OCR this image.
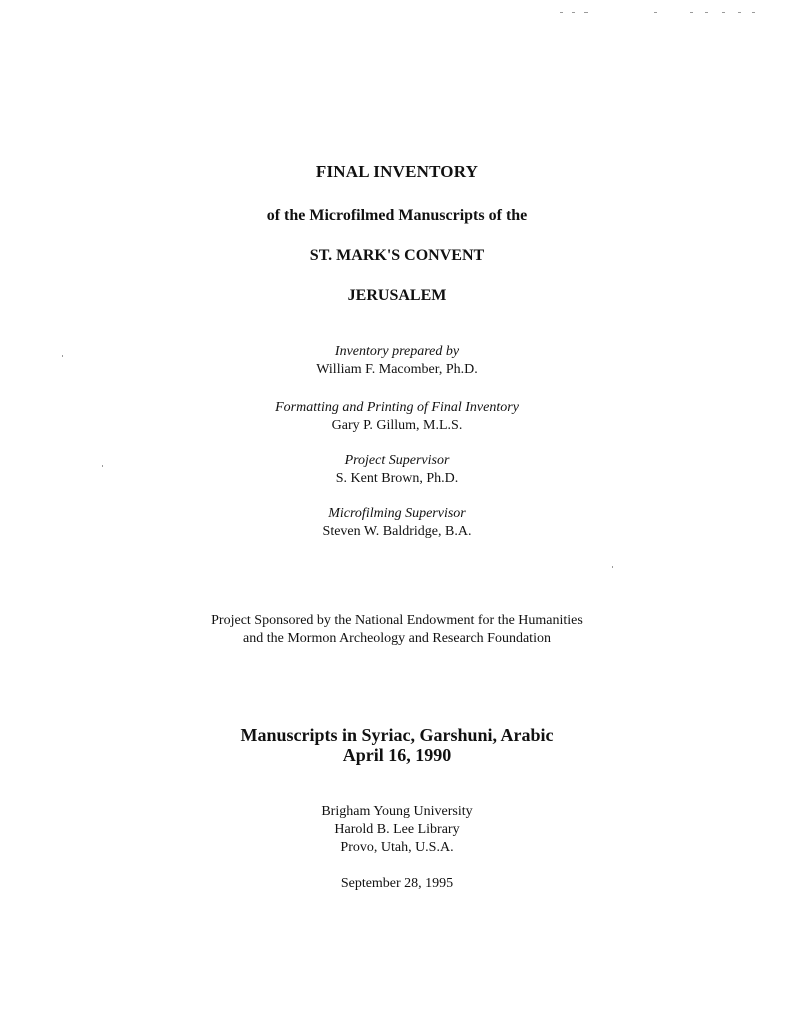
FINAL INVENTORY
of the Microfilmed Manuscripts of the
ST. MARK'S CONVENT
JERUSALEM
Inventory prepared by
William F. Macomber, Ph.D.
Formatting and Printing of Final Inventory
Gary P. Gillum, M.L.S.
Project Supervisor
S. Kent Brown, Ph.D.
Microfilming Supervisor
Steven W. Baldridge, B.A.
Project Sponsored by the National Endowment for the Humanities
and the Mormon Archeology and Research Foundation
Manuscripts in Syriac, Garshuni, Arabic
April 16, 1990
Brigham Young University
Harold B. Lee Library
Provo, Utah, U.S.A.
September 28, 1995
